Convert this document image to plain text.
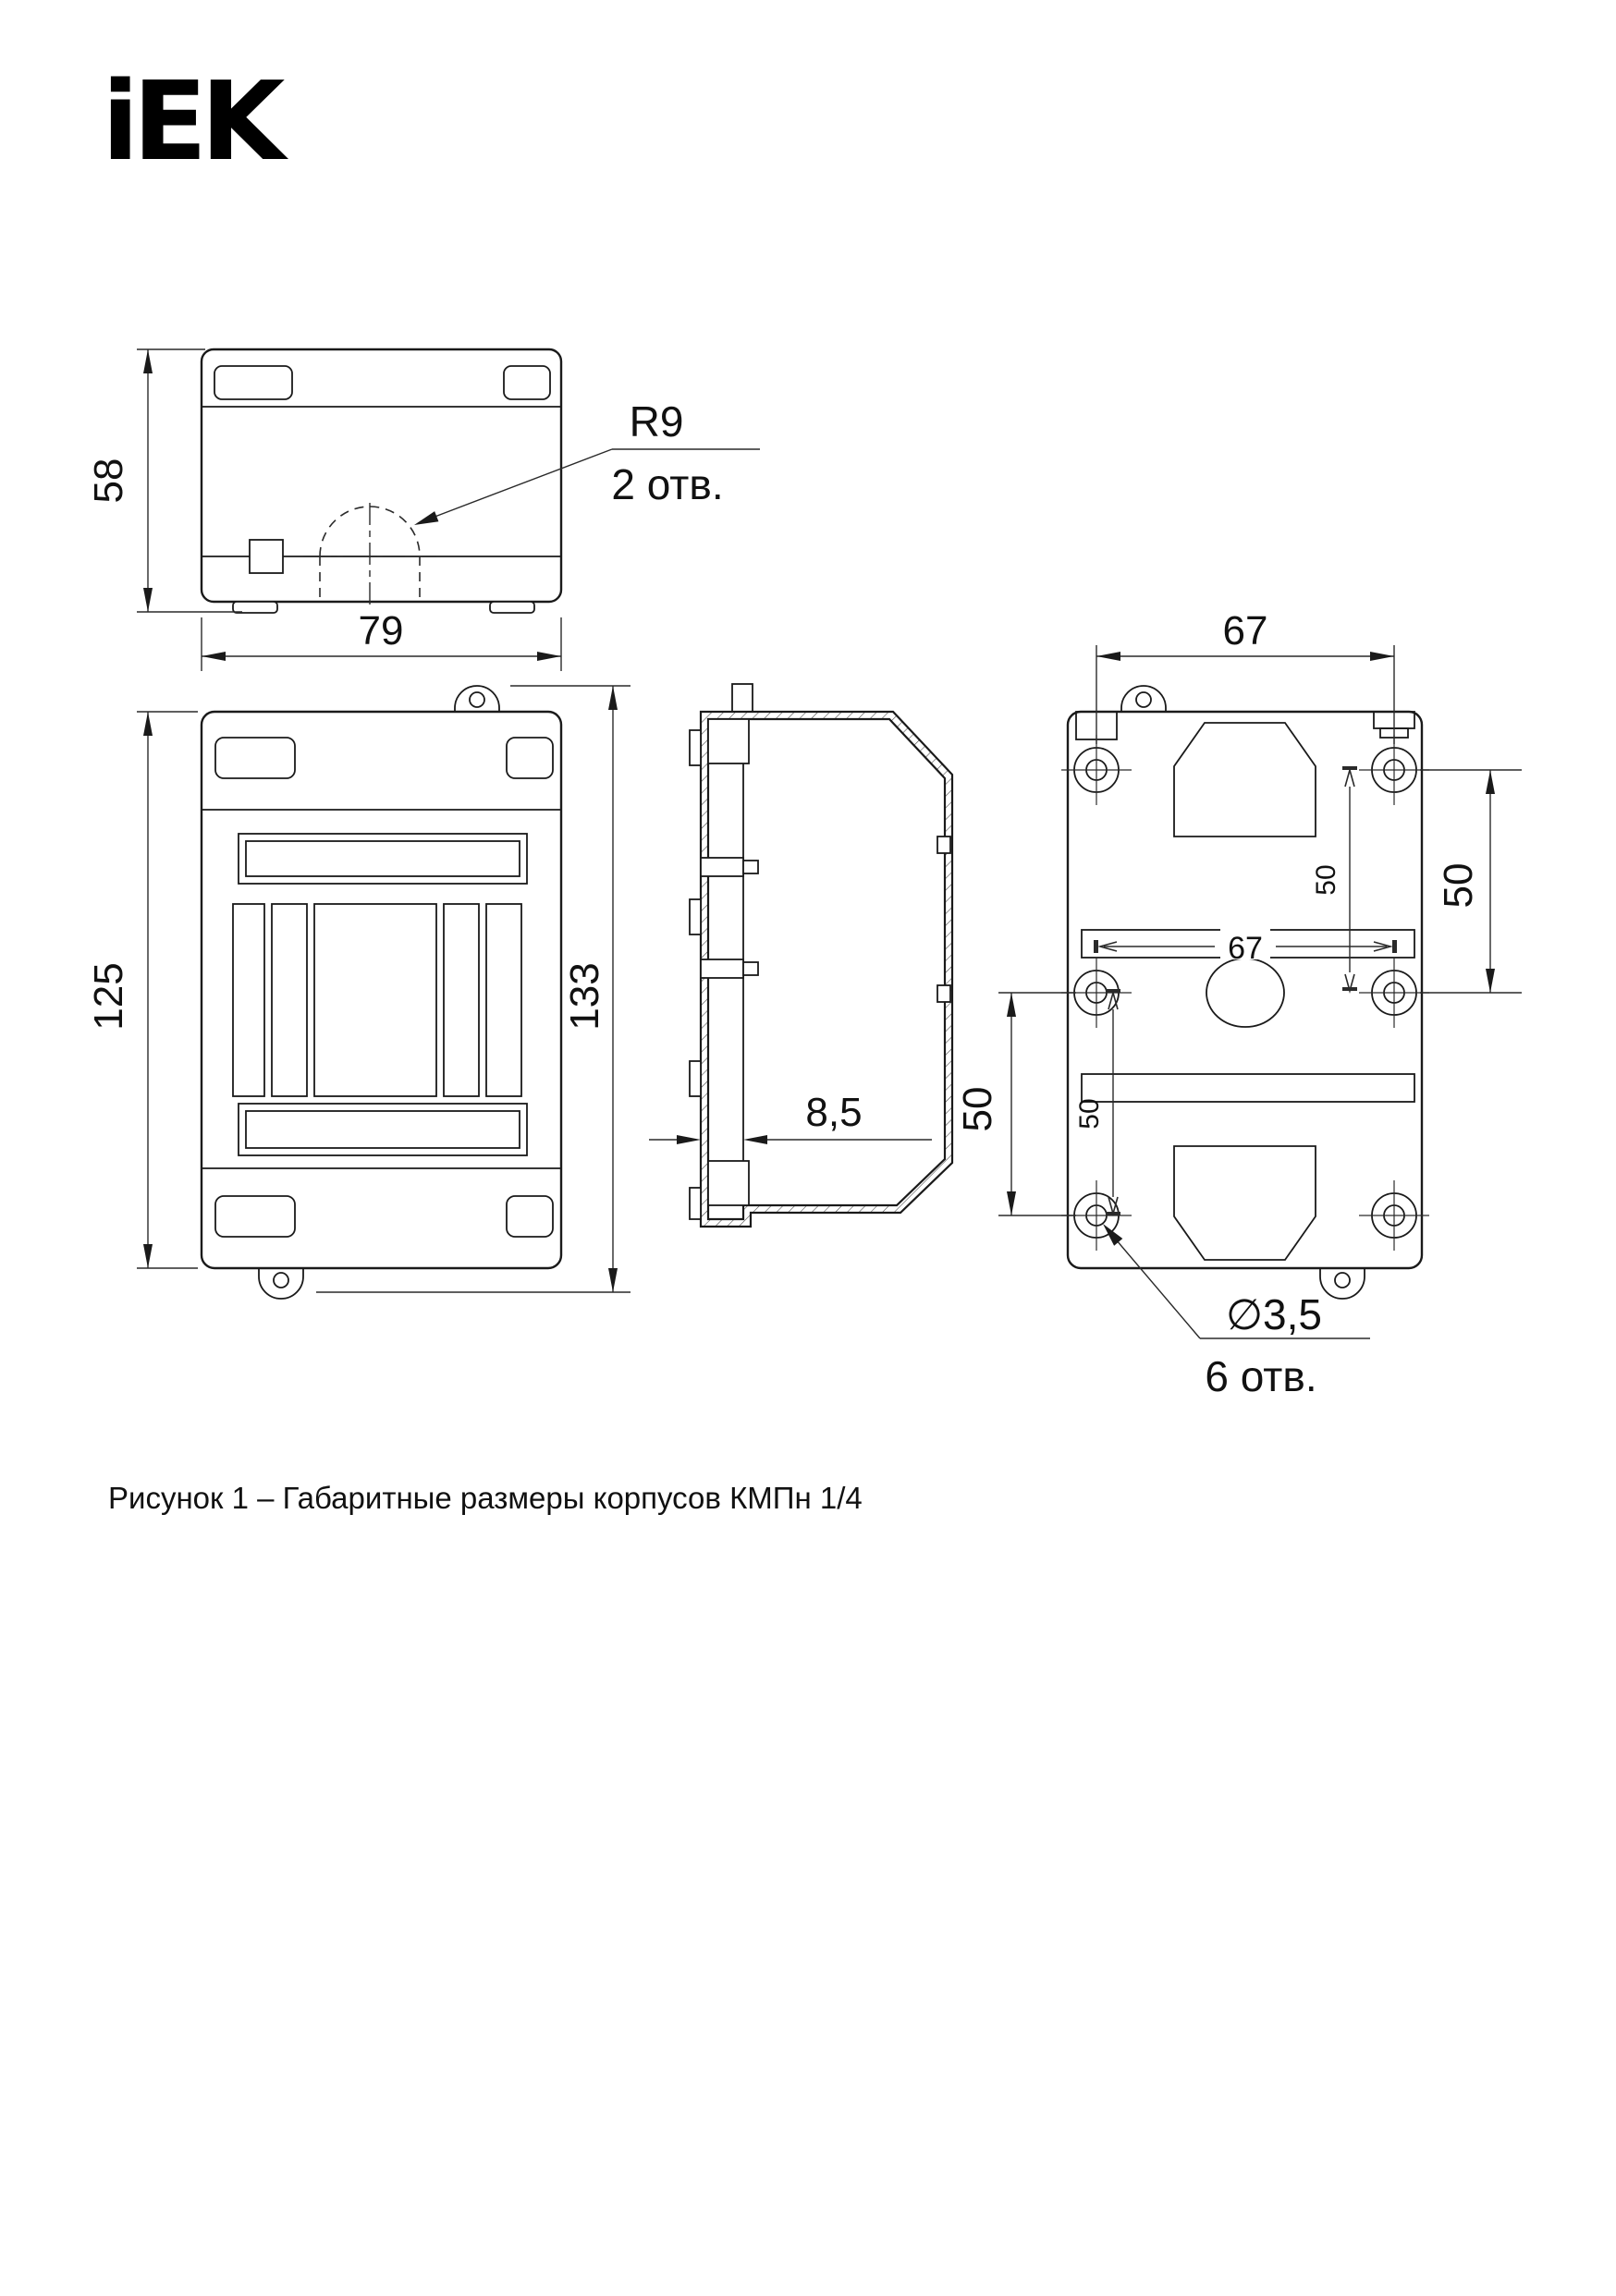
iEK
58
79
R9
2 отв.
125	133
8,5
67
67
50
50
50
50
∅3,5
6 отв.
Рисунок 1 – Габаритные размеры корпусов КМПн 1/4
